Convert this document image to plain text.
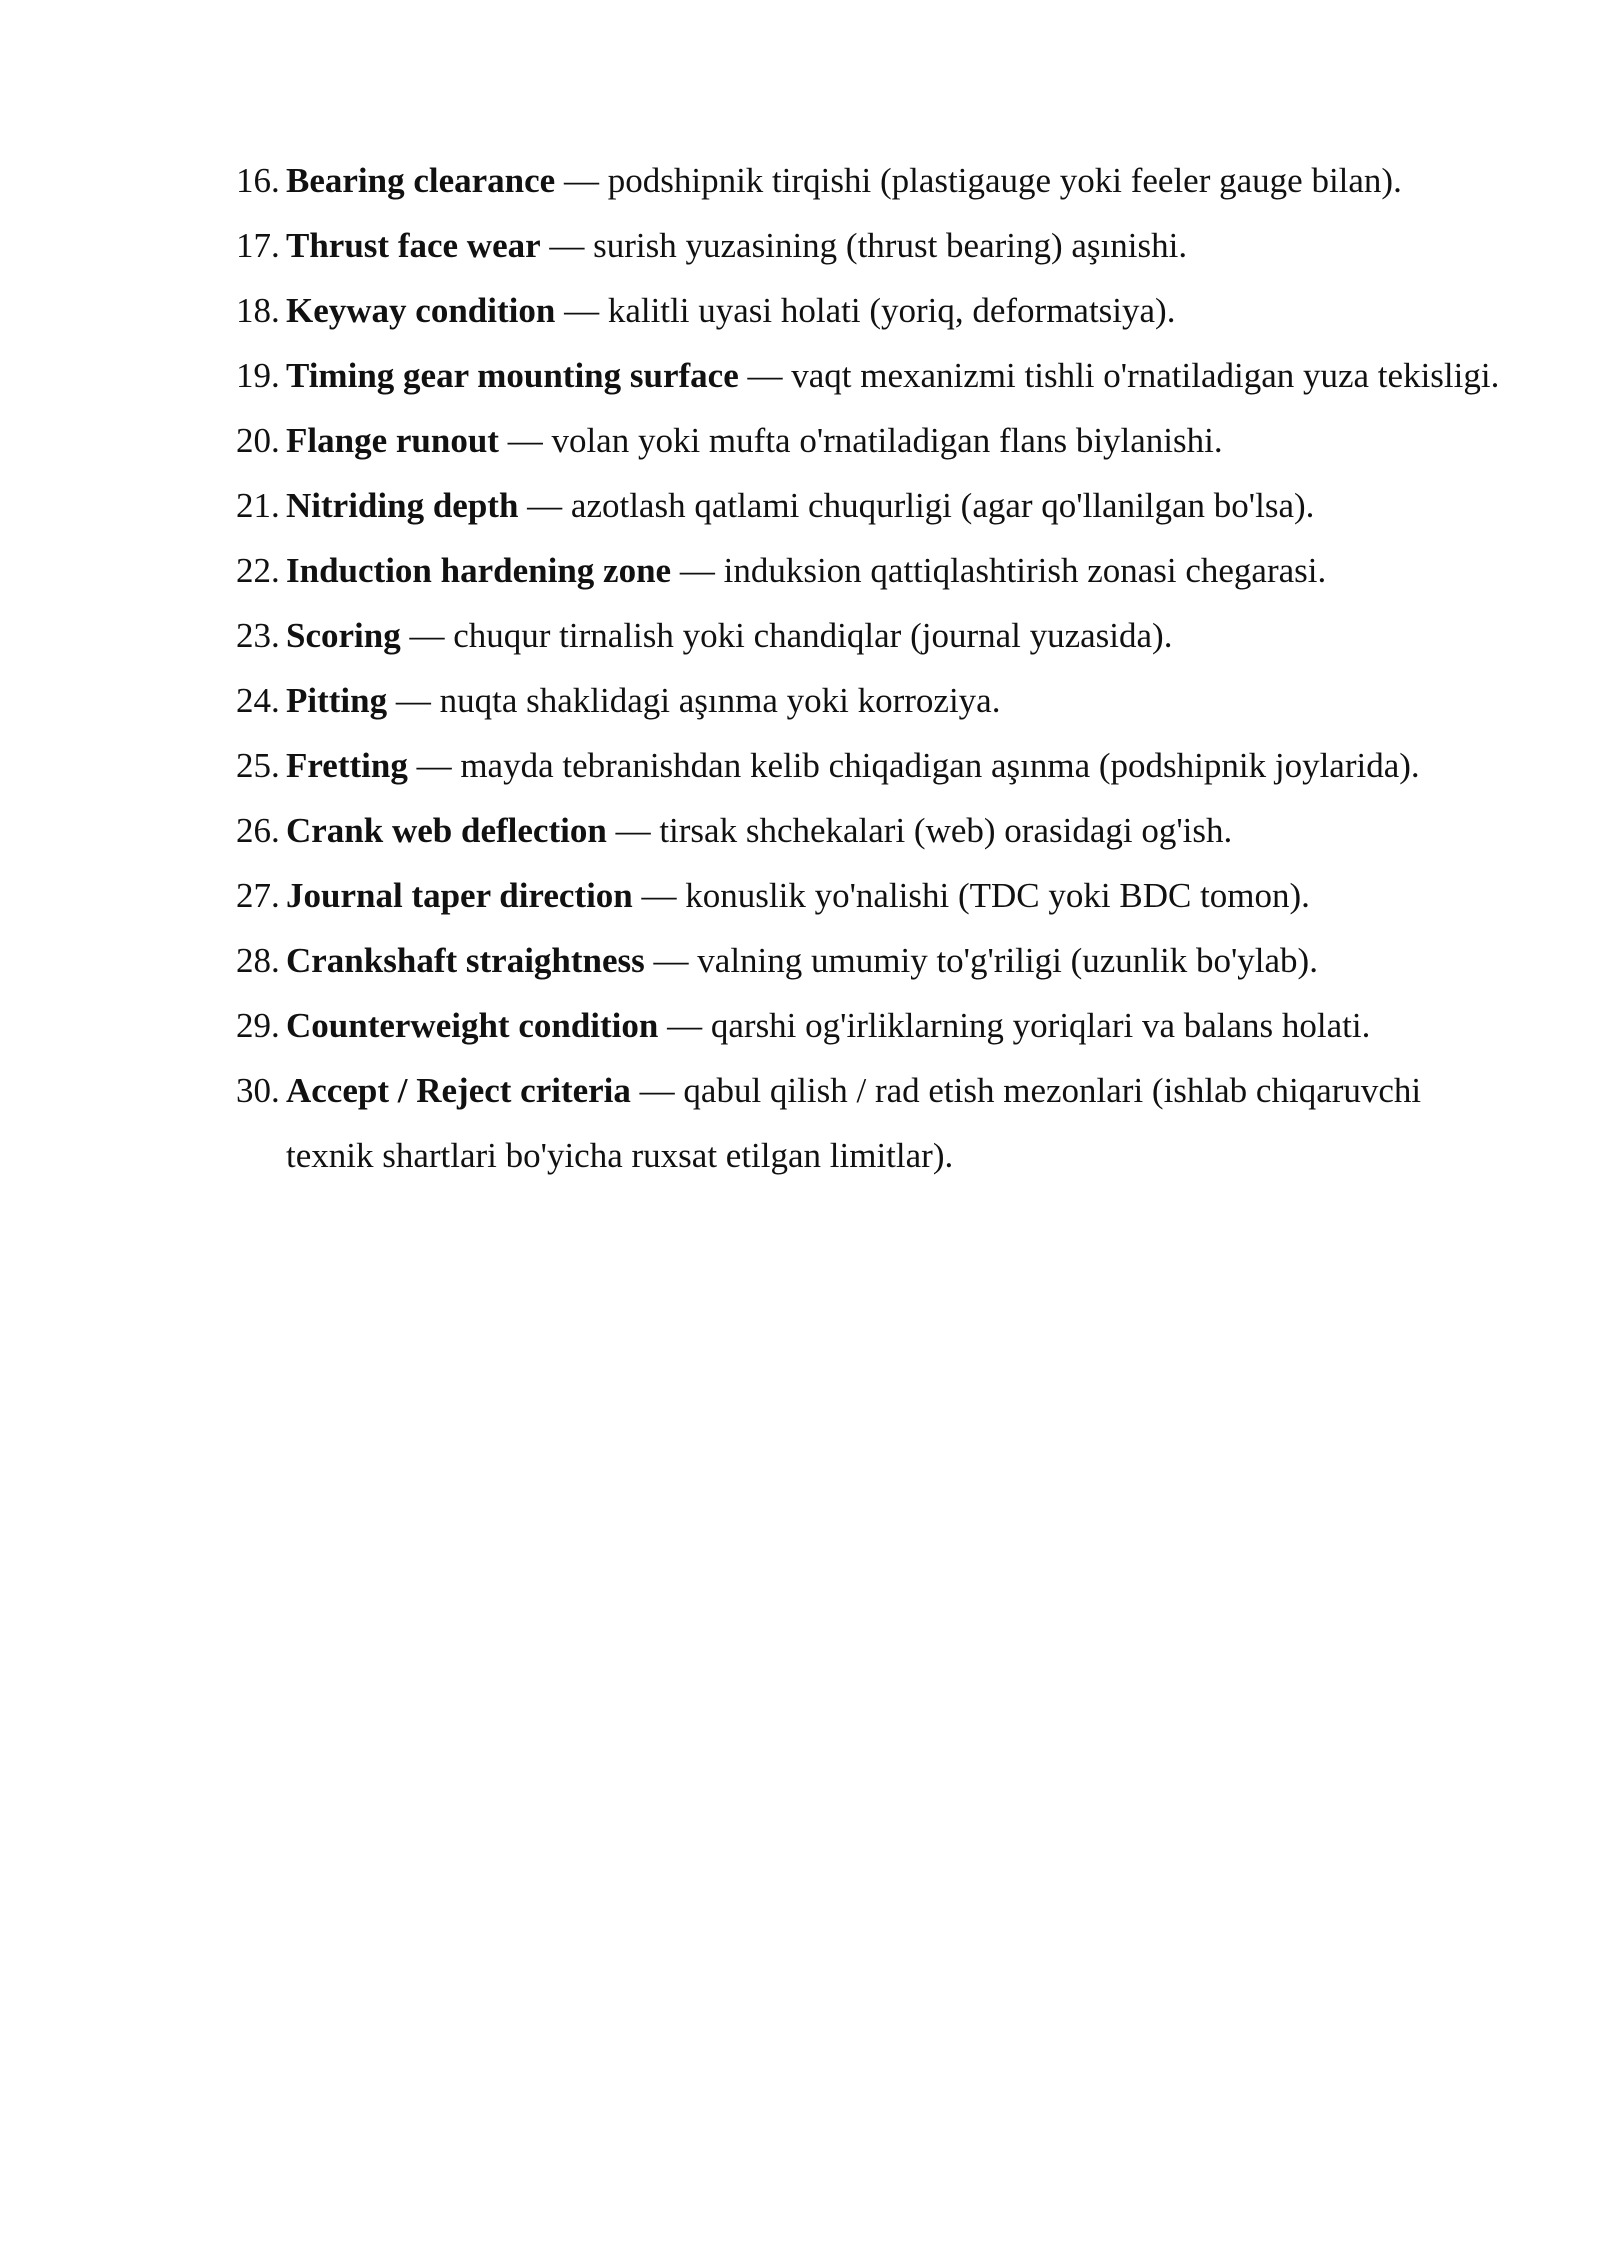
16. Bearing clearance — podshipnik tirqishi (plastigauge yoki feeler gauge bilan).
17. Thrust face wear — surish yuzasining (thrust bearing) aşınishi.
18. Keyway condition — kalitli uyasi holati (yoriq, deformatsiya).
19. Timing gear mounting surface — vaqt mexanizmi tishli o'rnatiladigan yuza tekisligi.
20. Flange runout — volan yoki mufta o'rnatiladigan flans biylanishi.
21. Nitriding depth — azotlash qatlami chuqurligi (agar qo'llanilgan bo'lsa).
22. Induction hardening zone — induksion qattiqlashtirish zonasi chegarasi.
23. Scoring — chuqur tirnalish yoki chandiqlar (journal yuzasida).
24. Pitting — nuqta shaklidagi aşınma yoki korroziya.
25. Fretting — mayda tebranishdan kelib chiqadigan aşınma (podshipnik joylarida).
26. Crank web deflection — tirsak shchekalari (web) orasidagi og'ish.
27. Journal taper direction — konuslik yo'nalishi (TDC yoki BDC tomon).
28. Crankshaft straightness — valning umumiy to'g'riligi (uzunlik bo'ylab).
29. Counterweight condition — qarshi og'irliklarning yoriqlari va balans holati.
30. Accept / Reject criteria — qabul qilish / rad etish mezonlari (ishlab chiqaruvchi texnik shartlari bo'yicha ruxsat etilgan limitlar).
